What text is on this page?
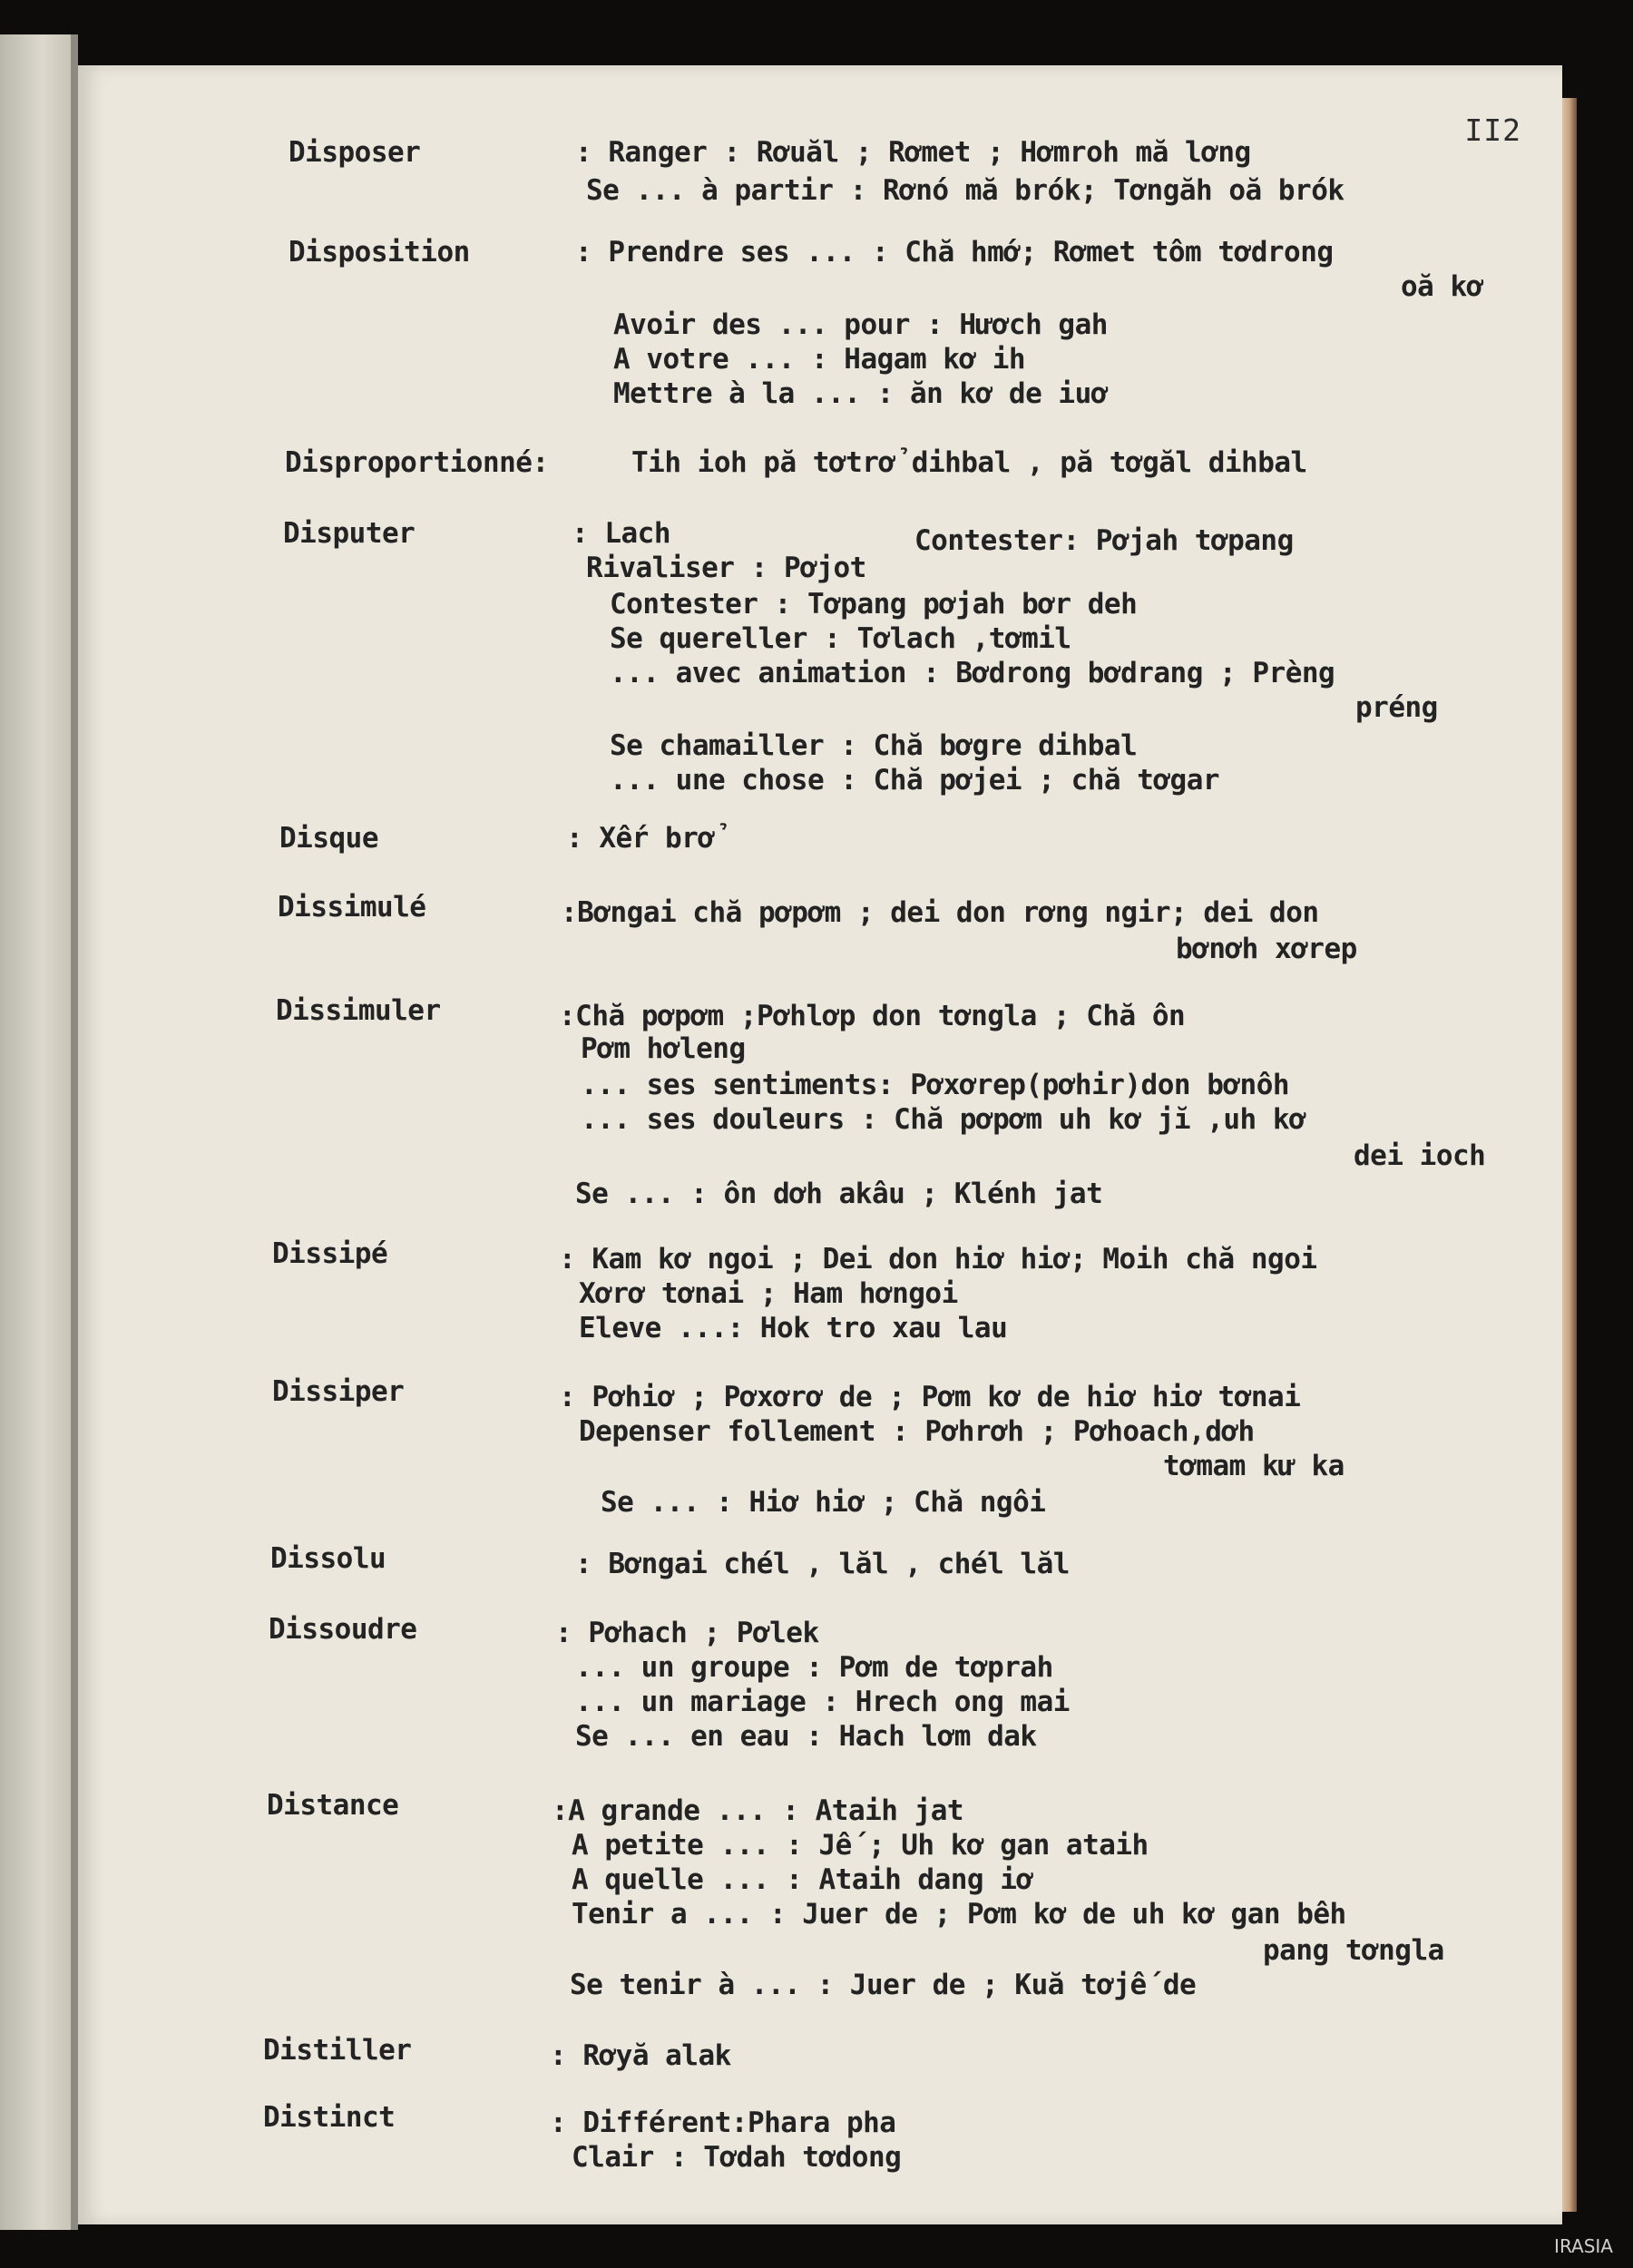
II2
Disposer	: Ranger : Rơuăl ; Rơmet ; Hơmroh mă lơng
Se ... à partir : Rơnó mă brók; Tơngăh oă brók
Disposition	: Prendre ses ... : Chă hmớ; Rơmet tôm tơdrong
oă kơ
Avoir des ... pour : Hươch gah
A votre ... : Hagam kơ ih
Mettre à la ... : ăn kơ de iuơ
Disproportionné:	Tih ioh pă tơtrở dihbal , pă tơgăl dihbal
Disputer	: Lach	Contester: Pơjah tơpang
Rivaliser : Pơjot
Contester : Tơpang pơjah bơr deh
Se quereller : Tơlach ,tơmil
... avec animation : Bơdrong bơdrang ; Prèng
préng
Se chamailler : Chă bơgre dihbal
... une chose : Chă pơjei ; chă tơgar
Disque	: Xếr brở
Dissimulé	:Bơngai chă pơpơm ; dei don rơng ngir; dei don
bơnơh xơrep
Dissimuler	:Chă pơpơm ;Pơhlơp don tơngla ; Chă ôn
Pơm hơleng
... ses sentiments: Pơxơrep(pơhir)don bơnôh
... ses douleurs : Chă pơpơm uh kơ jĭ ,uh kơ
dei ioch
Se ... : ôn dơh akâu ; Klénh jat
Dissipé	: Kam kơ ngoi ; Dei don hiơ hiơ; Moih chă ngoi
Xơrơ tơnai ; Ham hơngoi
Eleve ...: Hok tro xau lau
Dissiper	: Pơhiơ ; Pơxơrơ de ; Pơm kơ de hiơ hiơ tơnai
Depenser follement : Pơhrơh ; Pơhoach,dơh
tơmam kư ka
Se ... : Hiơ hiơ ; Chă ngôi
Dissolu	: Bơngai chél , lăl , chél lăl
Dissoudre	: Pơhach ; Pơlek
... un groupe : Pơm de tơprah
... un mariage : Hrech ong mai
Se ... en eau : Hach lơm dak
Distance	:A grande ... : Ataih jat
A petite ... : Jế ; Uh kơ gan ataih
A quelle ... : Ataih dang iơ
Tenir a ... : Juer de ; Pơm kơ de uh kơ gan bêh
pang tơngla
Se tenir à ... : Juer de ; Kuă tơjế de
Distiller	: Rơyă alak
Distinct	: Différent:Phara pha
Clair : Tơdah tơdong
IRASIA
